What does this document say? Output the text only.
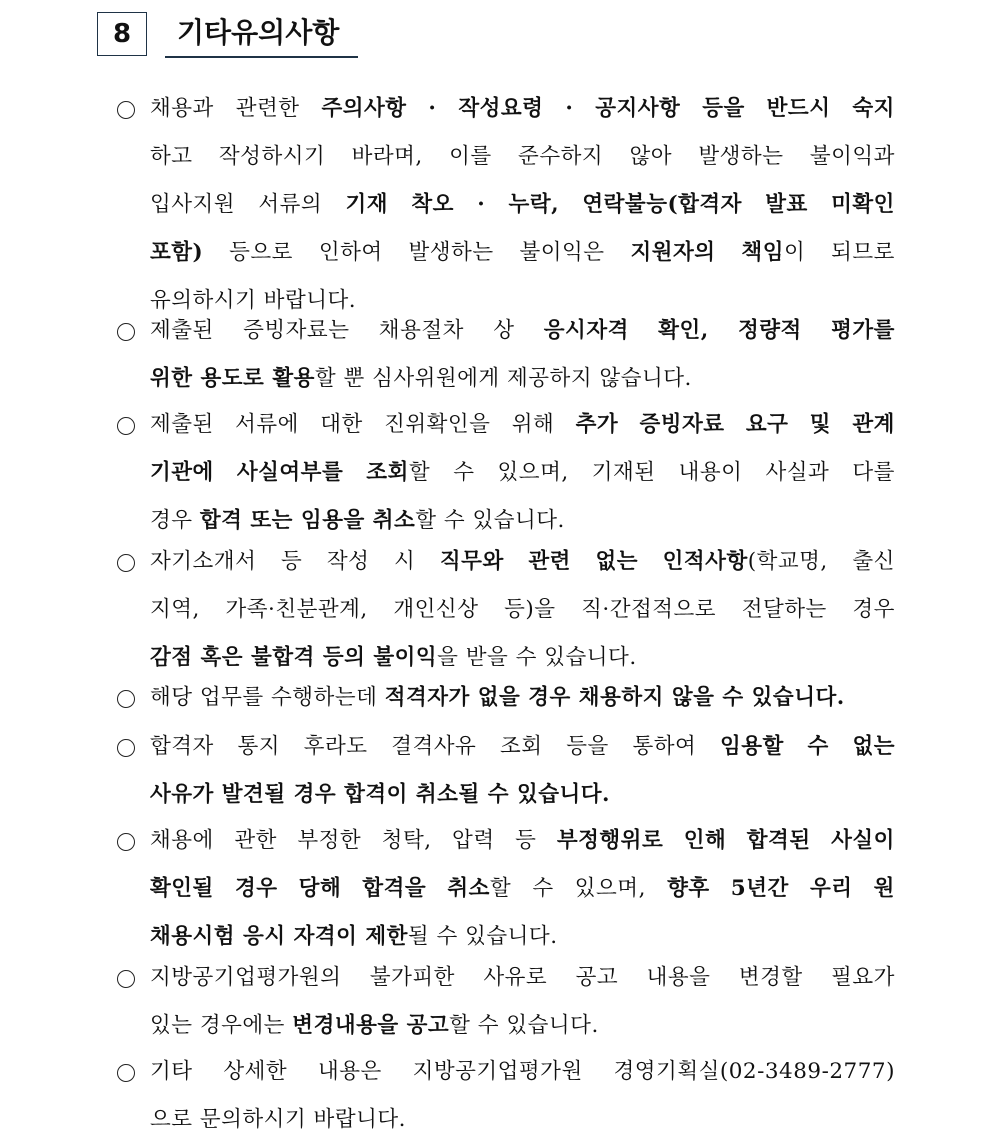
8	기타유의사항
채용과 관련한 주의사항 · 작성요령 · 공지사항 등을 반드시 숙지
하고 작성하시기 바라며, 이를 준수하지 않아 발생하는 불이익과
입사지원 서류의 기재 착오 · 누락, 연락불능(합격자 발표 미확인
포함) 등으로 인하여 발생하는 불이익은 지원자의 책임이 되므로
유의하시기 바랍니다.
제출된 증빙자료는 채용절차 상 응시자격 확인, 정량적 평가를
위한 용도로 활용 할 뿐 심사위원에게 제공하지 않습니다.
제출된 서류에 대한 진위확인을 위해 추가 증빙자료 요구 및 관계
기관에 사실여부를 조회할 수 있으며, 기재된 내용이 사실과 다를
경우 합격 또는 임용을 취소 할 수 있습니다.
자기소개서 등 작성 시 직무와 관련 없는 인적사항(학교명, 출신
지역, 가족·친분관계, 개인신상 등)을 직·간접적으로 전달하는 경우
감점 혹은 불합격 등의 불이익 을 받을 수 있습니다.
해당 업무를 수행하는데 적격자가 없을 경우 채용하지 않을 수 있습니다.
합격자 통지 후라도 결격사유 조회 등을 통하여 임용할 수 없는
사유가 발견될 경우 합격이 취소될 수 있습니다.
채용에 관한 부정한 청탁, 압력 등 부정행위로 인해 합격된 사실이
확인될 경우 당해 합격을 취소할 수 있으며, 향후 5년간 우리 원
채용시험 응시 자격이 제한 될 수 있습니다.
지방공기업평가원의 불가피한 사유로 공고 내용을 변경할 필요가
있는 경우에는 변경내용을 공고 할 수 있습니다.
기타 상세한 내용은 지방공기업평가원 경영기획실(02-3489-2777)
으로 문의하시기 바랍니다.
